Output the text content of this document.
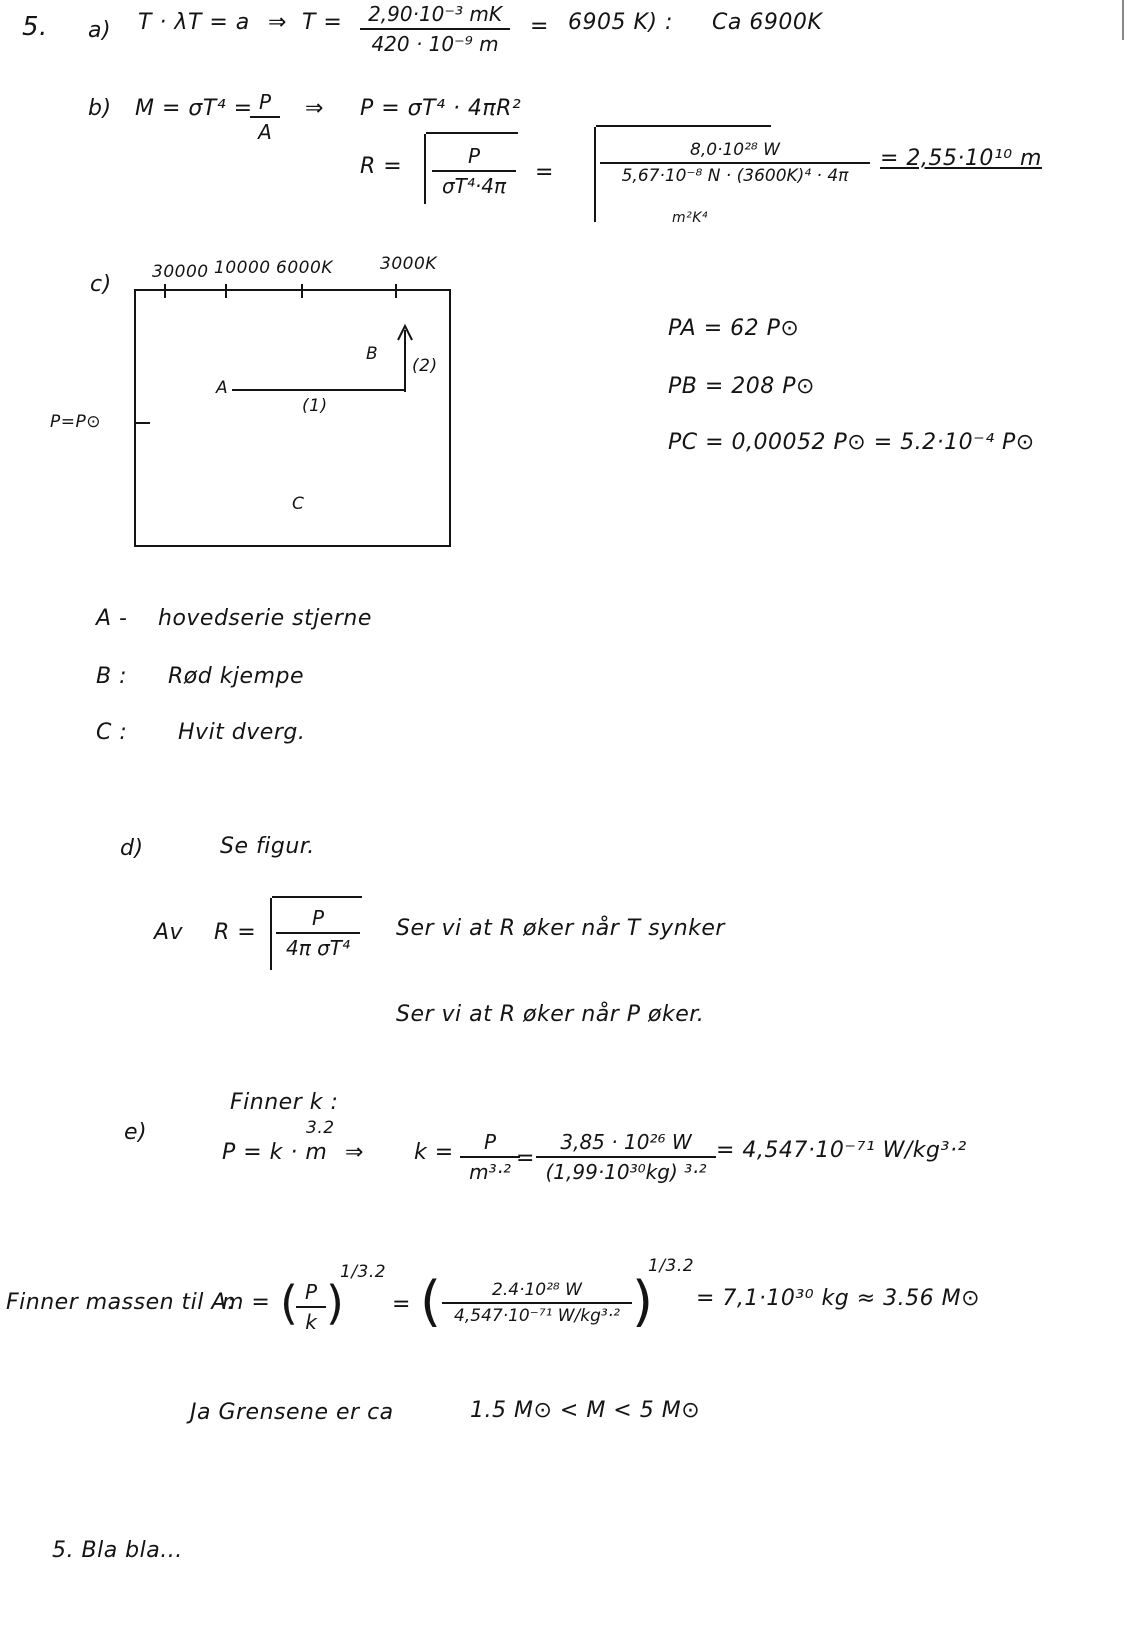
5. a) T · λT = a ⇒ $T = \frac{\text{2,90·10⁻³ mK}}{\text{420 · 10⁻⁹ m}} = 6905$ K) : Ca 6900K
b) M = σT⁴ =
$\frac{P}{A}$ ⇒ P = σT⁴ · 4πR²
$R = \frac{P}{\text{σT⁴·4π}}$ =	$\frac{\text{8,0·10²⁸ W}}{\text{5,67·10⁻⁸ N · (3600K)⁴ · 4π}}$
m²K⁴
= 2,55·10¹⁰ m
c) 30000 10000 6000K	3000K
P=P⊙
A
B
C
(1)
(2)
PA = 62 P⊙
PB = 208 P⊙
PC = 0,00052 P⊙ = 5.2·10⁻⁴ P⊙
A - hovedserie stjerne
B : Rød kjempe
C : Hvit dverg.
d)	Se figur.
Av $R = \frac{P}{\text{4π σT⁴}}$ Ser vi at R øker når T synker
Ser vi at R øker når P øker.
Finner k :
e)
P = k · m
3.2
⇒ $k = \frac{P}{\text{m³·²}}$
= $\frac{\text{3,85 · 10²⁶ W}}{\text{(1,99·10³⁰kg) ³·²}} = 4,547\cdot 10^{-71}$ W/kg³·²
Finner massen til A:
m = (
$\frac{P}{k}$ )
1/3.2
= ( $\frac{\text{2.4·10²⁸ W}}{\text{4,547·10⁻⁷¹ W/kg³·²}}$ )
1/3.2
= 7,1·10³⁰ kg ≈ 3.56 M⊙
Ja Grensene er ca	1.5 M⊙ < M < 5 M⊙
5. Bla bla...
